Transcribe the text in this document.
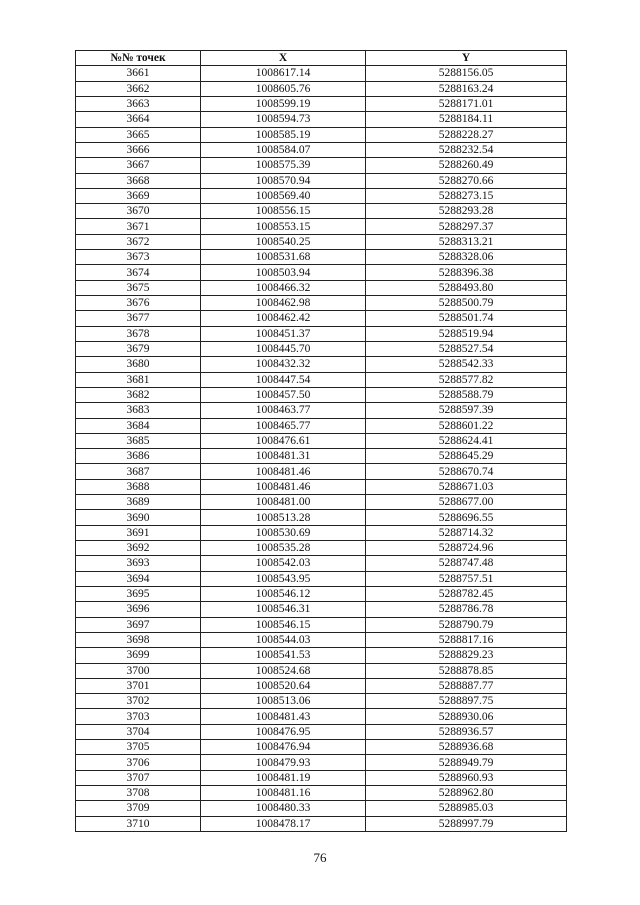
№№ точек	X	Y
3661	1008617.14	5288156.05
3662	1008605.76	5288163.24
3663	1008599.19	5288171.01
3664	1008594.73	5288184.11
3665	1008585.19	5288228.27
3666	1008584.07	5288232.54
3667	1008575.39	5288260.49
3668	1008570.94	5288270.66
3669	1008569.40	5288273.15
3670	1008556.15	5288293.28
3671	1008553.15	5288297.37
3672	1008540.25	5288313.21
3673	1008531.68	5288328.06
3674	1008503.94	5288396.38
3675	1008466.32	5288493.80
3676	1008462.98	5288500.79
3677	1008462.42	5288501.74
3678	1008451.37	5288519.94
3679	1008445.70	5288527.54
3680	1008432.32	5288542.33
3681	1008447.54	5288577.82
3682	1008457.50	5288588.79
3683	1008463.77	5288597.39
3684	1008465.77	5288601.22
3685	1008476.61	5288624.41
3686	1008481.31	5288645.29
3687	1008481.46	5288670.74
3688	1008481.46	5288671.03
3689	1008481.00	5288677.00
3690	1008513.28	5288696.55
3691	1008530.69	5288714.32
3692	1008535.28	5288724.96
3693	1008542.03	5288747.48
3694	1008543.95	5288757.51
3695	1008546.12	5288782.45
3696	1008546.31	5288786.78
3697	1008546.15	5288790.79
3698	1008544.03	5288817.16
3699	1008541.53	5288829.23
3700	1008524.68	5288878.85
3701	1008520.64	5288887.77
3702	1008513.06	5288897.75
3703	1008481.43	5288930.06
3704	1008476.95	5288936.57
3705	1008476.94	5288936.68
3706	1008479.93	5288949.79
3707	1008481.19	5288960.93
3708	1008481.16	5288962.80
3709	1008480.33	5288985.03
3710	1008478.17	5288997.79
76
